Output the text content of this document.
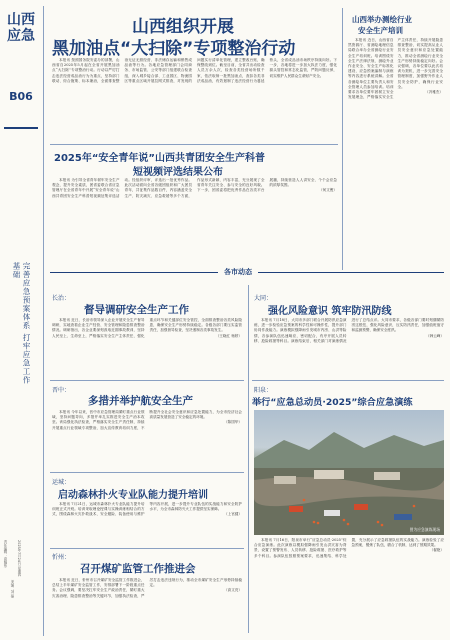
山西应急
B06
完善应急预案体系 打牢应急工作基础
责任编辑：高耀彤
美编：刘 强
2025年7月24日 星期四
山西组织开展
黑加油点“大扫除”专项整治行动

本报讯 按照国务院安委办的部署，山西省自2025年5月起在全省开展黑加油点“大扫除”专项整治行动。行动以严厉打击违法经营成品油行为为重点，坚持部门联动、综合施策、标本兼治，全面排查整治无证无照经营、非法储存运输和销售成品油等行为。各地应急管理部门会同商务、市场监管、公安等部门组建联合检查组，深入城乡接合部、工业园区、物流园区等重点区域开展拉网式排查，对发现的问题实行清单化管理，建立整改台账，确保整改到位。截至目前，全省共出动检查人员万余人次，检查各类经营场所数千家，依法取缔一批黑加油点，查扣各类非法成品油，有效遏制了违法经营行为蔓延势头，全省成品油市场秩序持续向好。下一步，各地将进一步加大执法力度，强化源头管控和常态化监管，严防问题反弹，切实维护人民群众生命财产安全。

山西举办测绘行业
安全生产培训

本报讯 近日，山西省自然资源厅、省测绘地理信息局联合举办全省测绘行业安全生产培训班。培训围绕安全生产法律法规、测绘外业作业安全、安全生产标准化建设、应急预案编制与演练等内容进行系统讲解。全省各测绘单位主要负责人和安全管理人员参加培训。培训要求各单位要牢固树立安全发展理念，严格落实安全生产主体责任，持续开展隐患排查整治，切实提高从业人员安全意识和应急处置能力，推动全省测绘行业安全生产形势持续稳定向好。会议强调，各单位要以此次培训为契机，进一步完善安全管理制度，加强野外作业人员安全防护，确保行业安全。

（冯雅杰）

2025年“安全青年说”山西共青团安全生产科普
短视频评选结果公布

本报讯 为引导全省青年树牢安全生产观念，提升安全素质，团省委联合省应急管理厅在全省青年中开展“安全青年说”山西共青团安全生产科普短视频征集评选活动。经组织评审，评选出一批优秀作品。此次活动面向全省各级团组织和广大团员青年，共征集作品数百件，内容涵盖安全生产、防灾减灾、应急救援等多个方面，作品形式新颖、内容丰富，充分展现了全省青年关注安全、参与安全的良好风貌。下一步，团省委将把优秀作品在各类平台展播，持续营造人人讲安全、个个会应急的浓厚氛围。

（何文俊）

各市动态
长治：
督导调研安全生产工作

本报讯 近日，长治市领导深入企业开展安全生产督导调研，实地查看企业生产经营、安全管理和隐患排查整治情况。调研指出，各企业要深刻汲取近期事故教训，坚持人民至上、生命至上，严格落实安全生产主体责任，强化重点环节和关键部位安全管控，全面排查整治各类风险隐患，确保安全生产形势持续稳定。各级各部门要压实监管责任，加强督导检查，坚决遏制各类事故发生。

（王晓红 杨婷）

晋中：
多措并举护航安全生产

本报讯 今年以来，晋中市应急管理局紧盯重点行业领域，坚持问题导向，多措并举扎实推进安全生产治本攻坚。该局强化执法检查，严格落实安全生产责任制，持续开展重点行业领域专项整治，加大宣传教育培训力度，不断提升全社会安全意识和应急处置能力，为全市经济社会高质量发展营造了安全稳定的环境。

（陈国华）

运城：
启动森林扑火专业队能力提升培训

本报讯 7月21日，运城市森林扑火专业队能力提升培训班正式开班。培训采取理论授课与实操训练相结合的方式，围绕森林火灾扑救战术、安全避险、装备使用与维护等内容开展，进一步提升专业队伍的实战能力和安全防护水平，为全市森林防灭火工作提供坚实保障。

（上官健）

忻州：
召开煤矿监管工作推进会

本报讯 近日，忻州市召开煤矿安全监管工作推进会，总结上半年煤矿安全监管工作，安排部署下一阶段重点任务。会议强调，要坚决扛牢安全生产政治责任，紧盯重大灾害治理、隐患排查整治等关键环节，加强执法检查，严厉打击违法违规行为，推动全市煤矿安全生产形势持续稳定。

（高文亮）

大同：
强化风险意识 筑牢防汛防线

本报讯 7月18日，大同市多部门联合开展防汛应急演练，进一步检验应急预案的科学性和可操作性，提升部门协同作战能力。演练模拟强降雨引发城市内涝、山洪等险情，各参演队伍迅速响应，密切配合，有序开展人员转移、抢险救援等科目。演练结束后，相关部门对演练情况进行了总结点评。大同市要求，各级各部门要时刻绷紧防汛这根弦，强化风险意识，压实防汛责任，加强值班值守和监测预警，确保安全度汛。

（韩云峰）

阳泉：
举行“应急总动员·2025”综合应急演练
图为应急演练现场

本报讯 7月16日，阳泉市举行“应急总动员·2025”综合应急演练。此次演练以模拟强降雨引发山洪灾害为背景，设置了预警发布、人员转移、抢险救援、医疗救护等多个科目。参演队伍按照预案要求，迅速集结、科学处置，充分展示了应急救援队伍的实战能力。演练检验了应急预案，锻炼了队伍，磨合了机制，达到了预期效果。

（翟艳）
